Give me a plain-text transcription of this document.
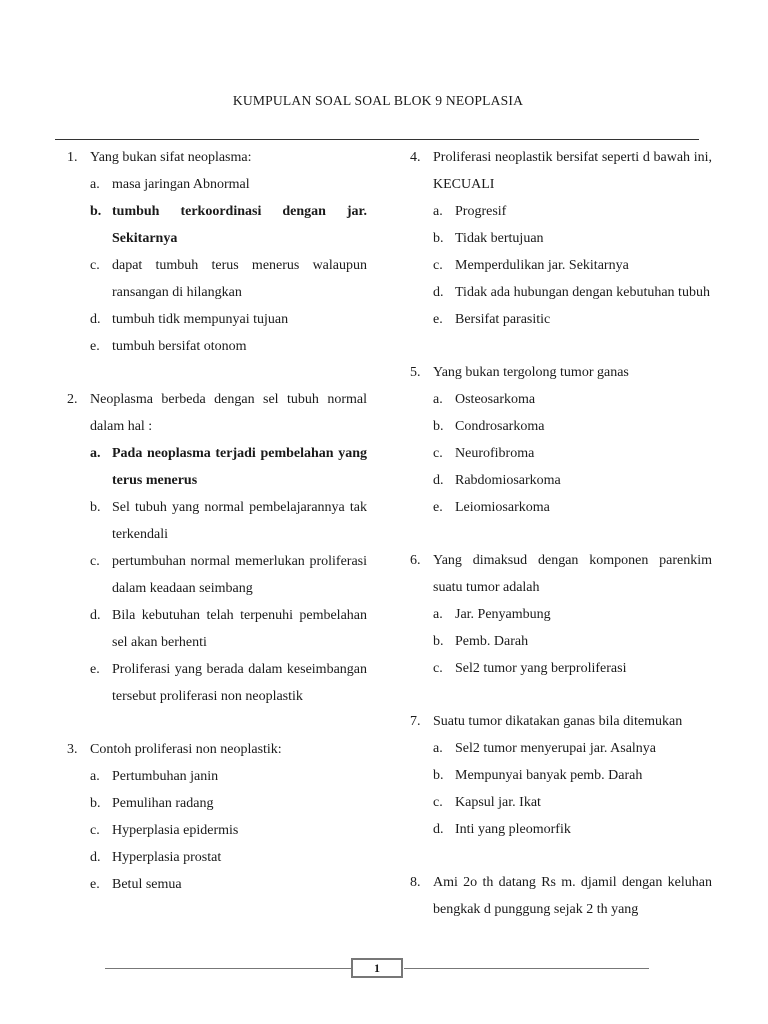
KUMPULAN SOAL SOAL BLOK 9 NEOPLASIA
1. Yang bukan sifat neoplasma:
a. masa jaringan Abnormal
b. tumbuh terkoordinasi dengan jar. Sekitarnya
c. dapat tumbuh terus menerus walaupun ransangan di hilangkan
d. tumbuh tidk mempunyai tujuan
e. tumbuh bersifat otonom
2. Neoplasma berbeda dengan sel tubuh normal dalam hal :
a. Pada neoplasma terjadi pembelahan yang terus menerus
b. Sel tubuh yang normal pembelajarannya tak terkendali
c. pertumbuhan normal memerlukan proliferasi dalam keadaan seimbang
d. Bila kebutuhan telah terpenuhi pembelahan sel akan berhenti
e. Proliferasi yang berada dalam keseimbangan tersebut proliferasi non neoplastik
3. Contoh proliferasi non neoplastik:
a. Pertumbuhan janin
b. Pemulihan radang
c. Hyperplasia epidermis
d. Hyperplasia prostat
e. Betul semua
4. Proliferasi neoplastik bersifat seperti d bawah ini, KECUALI
a. Progresif
b. Tidak bertujuan
c. Memperdulikan jar. Sekitarnya
d. Tidak ada hubungan dengan kebutuhan tubuh
e. Bersifat parasitic
5. Yang bukan tergolong tumor ganas
a. Osteosarkoma
b. Condrosarkoma
c. Neurofibroma
d. Rabdomiosarkoma
e. Leiomiosarkoma
6. Yang dimaksud dengan komponen parenkim suatu tumor adalah
a. Jar. Penyambung
b. Pemb. Darah
c. Sel2 tumor yang berproliferasi
7. Suatu tumor dikatakan ganas bila ditemukan
a. Sel2 tumor menyerupai jar. Asalnya
b. Mempunyai banyak pemb. Darah
c. Kapsul jar. Ikat
d. Inti yang pleomorfik
8. Ami 2o th datang Rs m. djamil dengan keluhan bengkak d punggung sejak 2 th yang
1
